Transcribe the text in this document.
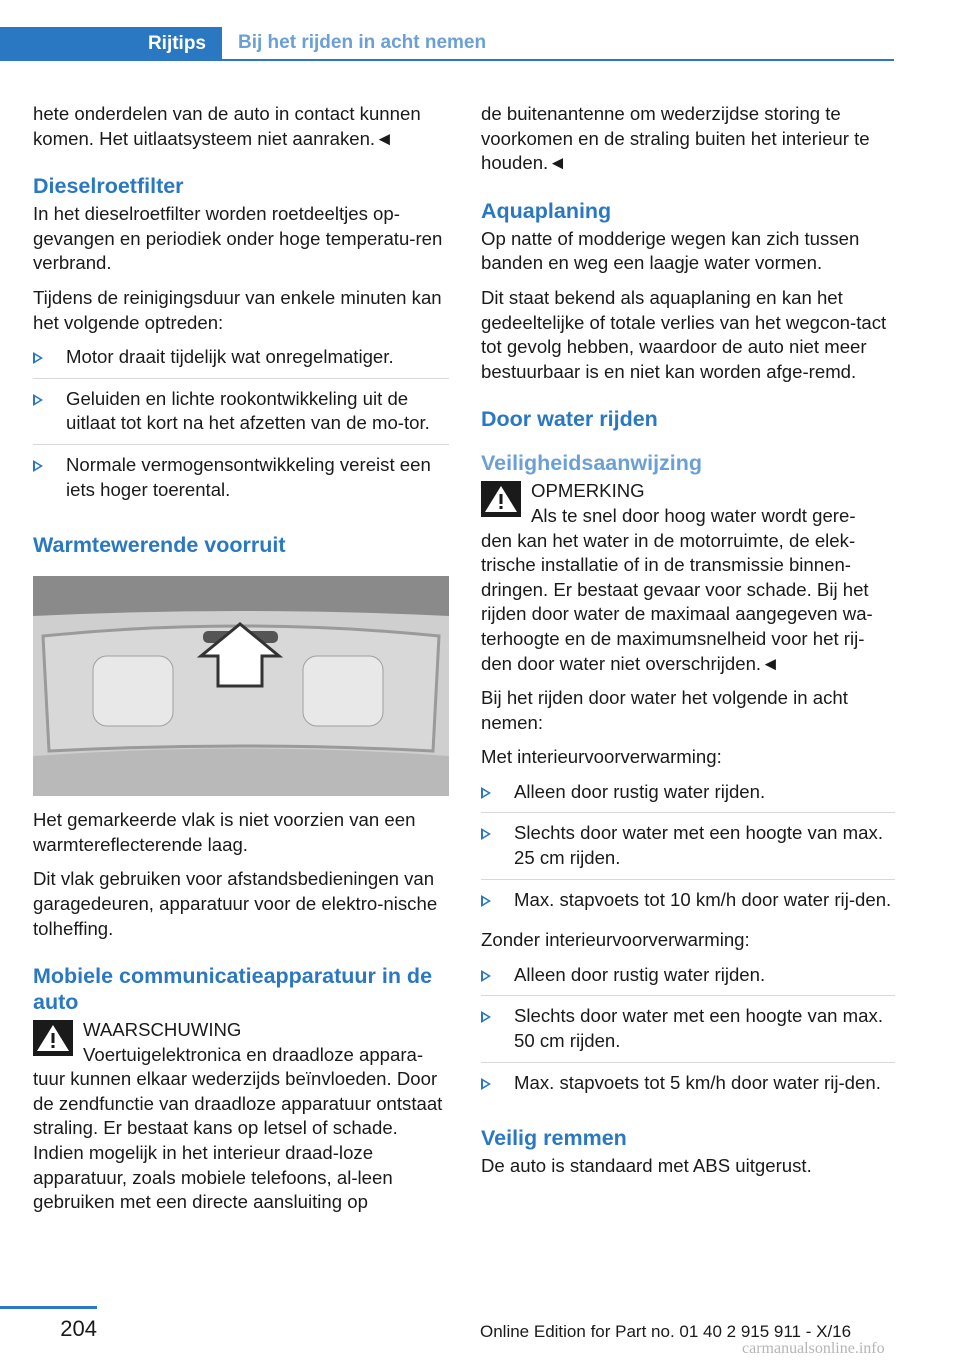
Rijtips	Bij het rijden in acht nemen

hete onderdelen van de auto in contact kunnen komen. Het uitlaatsysteem niet aanraken.◄

Dieselroetfilter

In het dieselroetfilter worden roetdeeltjes op-gevangen en periodiek onder hoge temperatu-ren verbrand.

Tijdens de reinigingsduur van enkele minuten kan het volgende optreden:

Motor draait tijdelijk wat onregelmatiger.
Geluiden en lichte rookontwikkeling uit de uitlaat tot kort na het afzetten van de mo-tor.
Normale vermogensontwikkeling vereist een iets hoger toerental.
Warmtewerende voorruit

Het gemarkeerde vlak is niet voorzien van een warmtereflecterende laag.

Dit vlak gebruiken voor afstandsbedieningen van garagedeuren, apparatuur voor de elektro-nische tolheffing.

Mobiele communicatieapparatuur in de auto
WAARSCHUWING
Voertuigelektronica en draadloze appara-
tuur kunnen elkaar wederzijds beïnvloeden. Door de zendfunctie van draadloze apparatuur ontstaat straling. Er bestaat kans op letsel of schade. Indien mogelijk in het interieur draad-loze apparatuur, zoals mobiele telefoons, al-leen gebruiken met een directe aansluiting op

de buitenantenne om wederzijdse storing te voorkomen en de straling buiten het interieur te houden.◄

Aquaplaning

Op natte of modderige wegen kan zich tussen banden en weg een laagje water vormen.

Dit staat bekend als aquaplaning en kan het gedeeltelijke of totale verlies van het wegcon-tact tot gevolg hebben, waardoor de auto niet meer bestuurbaar is en niet kan worden afge-remd.

Door water rijden
Veiligheidsaanwijzing
OPMERKING
Als te snel door hoog water wordt gere-
den kan het water in de motorruimte, de elek-trische installatie of in de transmissie binnen-dringen. Er bestaat gevaar voor schade. Bij het rijden door water de maximaal aangegeven wa-terhoogte en de maximumsnelheid voor het rij-den door water niet overschrijden.◄

Bij het rijden door water het volgende in acht nemen:

Met interieurvoorverwarming:

Alleen door rustig water rijden.
Slechts door water met een hoogte van max. 25 cm rijden.
Max. stapvoets tot 10 km/h door water rij-den.

Zonder interieurvoorverwarming:

Alleen door rustig water rijden.
Slechts door water met een hoogte van max. 50 cm rijden.
Max. stapvoets tot 5 km/h door water rij-den.
Veilig remmen

De auto is standaard met ABS uitgerust.

204	Online Edition for Part no. 01 40 2 915 911 - X/16
carmanualsonline.info
